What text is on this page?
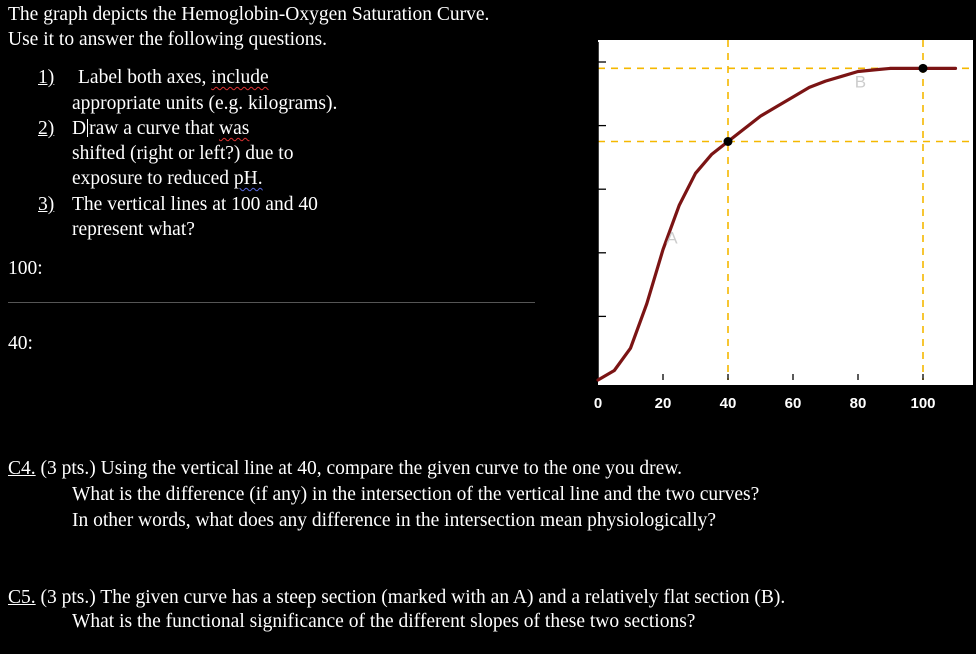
The graph depicts the Hemoglobin-Oxygen Saturation Curve.
Use it to answer the following questions.
1) Label both axes, include
appropriate units (e.g. kilograms).
2) D raw a curve that was
shifted (right or left?) due to
exposure to reduced pH.
3) The vertical lines at 100 and 40
represent what?
100:
40:
A
B
20
40
60
80
100
0	20	40	60	80	100
C4. (3 pts.) Using the vertical line at 40, compare the given curve to the one you drew.
What is the difference (if any) in the intersection of the vertical line and the two curves?
In other words, what does any difference in the intersection mean physiologically?
C5. (3 pts.) The given curve has a steep section (marked with an A) and a relatively flat section (B).
What is the functional significance of the different slopes of these two sections?
